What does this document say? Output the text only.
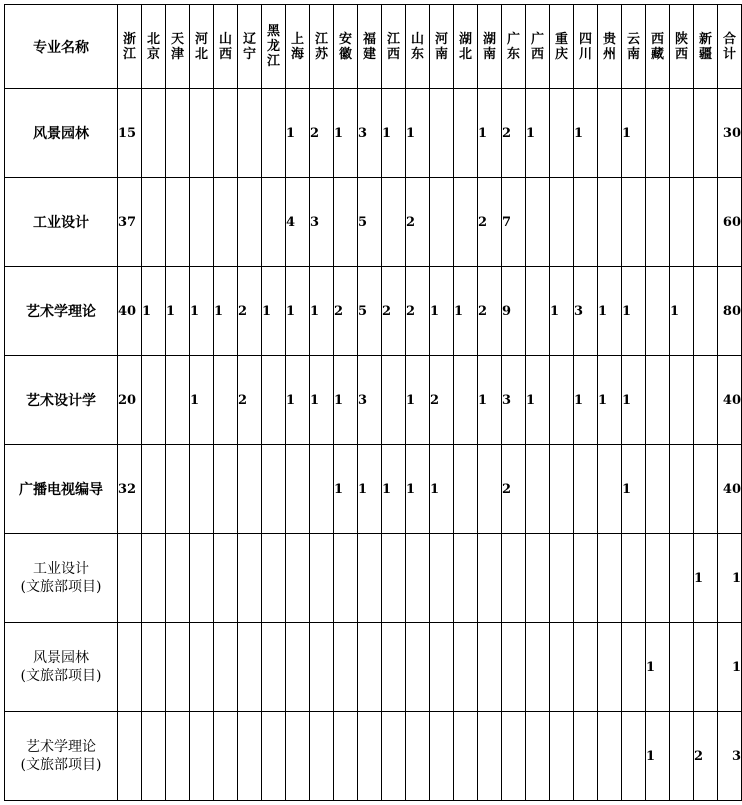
专业名称	浙江	北京	天津	河北	山西	辽宁	黑龙江	上海	江苏	安徽	福建	江西	山东	河南	湖北	湖南	广东	广西	重庆	四川	贵州	云南	西藏	陕西	新疆	合计

风景园林	15							1	2	1	3	1	1			1	2	1		1		1				30

工业设计	37							4	3		5		2			2	7									60

艺术学理论	40	1	1	1	1	2	1	1	1	2	5	2	2	1	1	2	9		1	3	1	1		1		80

艺术设计学	20			1		2		1	1	1	3		1	2		1	3	1		1	1	1				40

广播电视编导	32									1	1	1	1	1			2					1				40

工业设计
(文旅部项目)																									1	1

风景园林
(文旅部项目)																							1			1

艺术学理论
(文旅部项目)																							1		2	3
